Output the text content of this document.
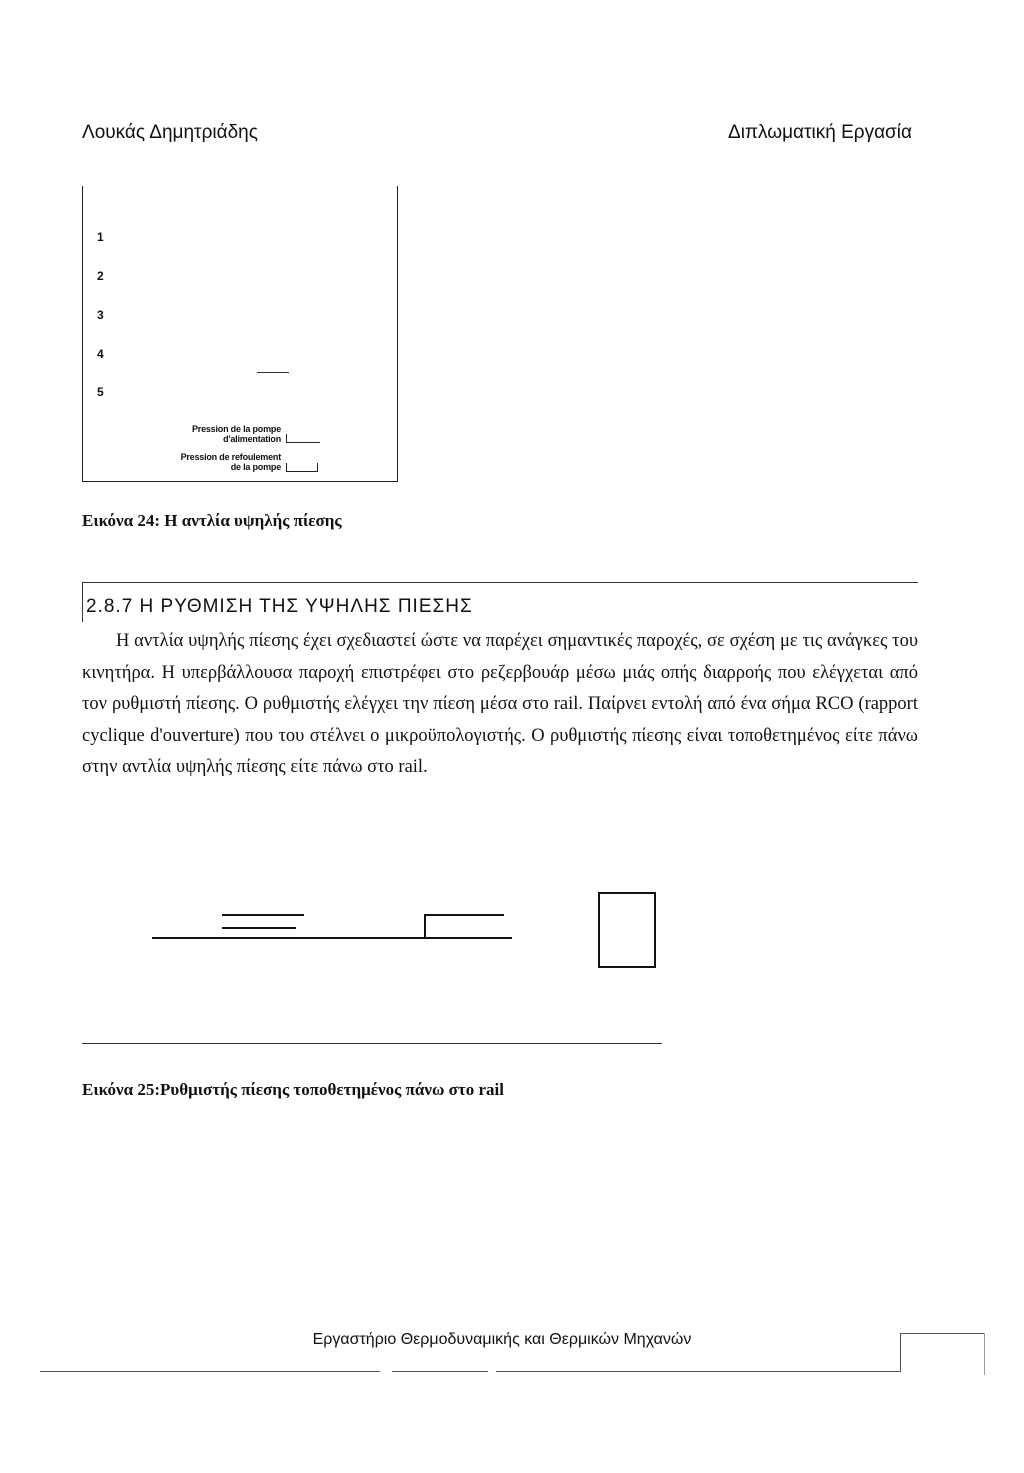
Λουκάς Δημητριάδης	Διπλωματική Εργασία
1
2
3
4
5
Pression de la pompe
d'alimentation
Pression de refoulement
de la pompe
Εικόνα 24: Η αντλία υψηλής πίεσης
2.8.7 Η ΡΥΘΜΙΣΗ ΤΗΣ ΥΨΗΛΗΣ ΠΙΕΣΗΣ

Η αντλία υψηλής πίεσης έχει σχεδιαστεί ώστε να παρέχει σημαντικές παροχές, σε σχέση με τις ανάγκες του κινητήρα. Η υπερβάλλουσα παροχή επιστρέφει στο ρεζερβουάρ μέσω μιάς οπής διαρροής που ελέγχεται από τον ρυθμιστή πίεσης. Ο ρυθμιστής ελέγχει την πίεση μέσα στο rail. Παίρνει εντολή από ένα σήμα RCO (rapport cyclique d'ouverture) που του στέλνει ο μικροϋπολογιστής. Ο ρυθμιστής πίεσης είναι τοποθετημένος είτε πάνω στην αντλία υψηλής πίεσης είτε πάνω στο rail.

Εικόνα 25:Ρυθμιστής πίεσης τοποθετημένος πάνω στο rail
Εργαστήριο Θερμοδυναμικής και Θερμικών Μηχανών
